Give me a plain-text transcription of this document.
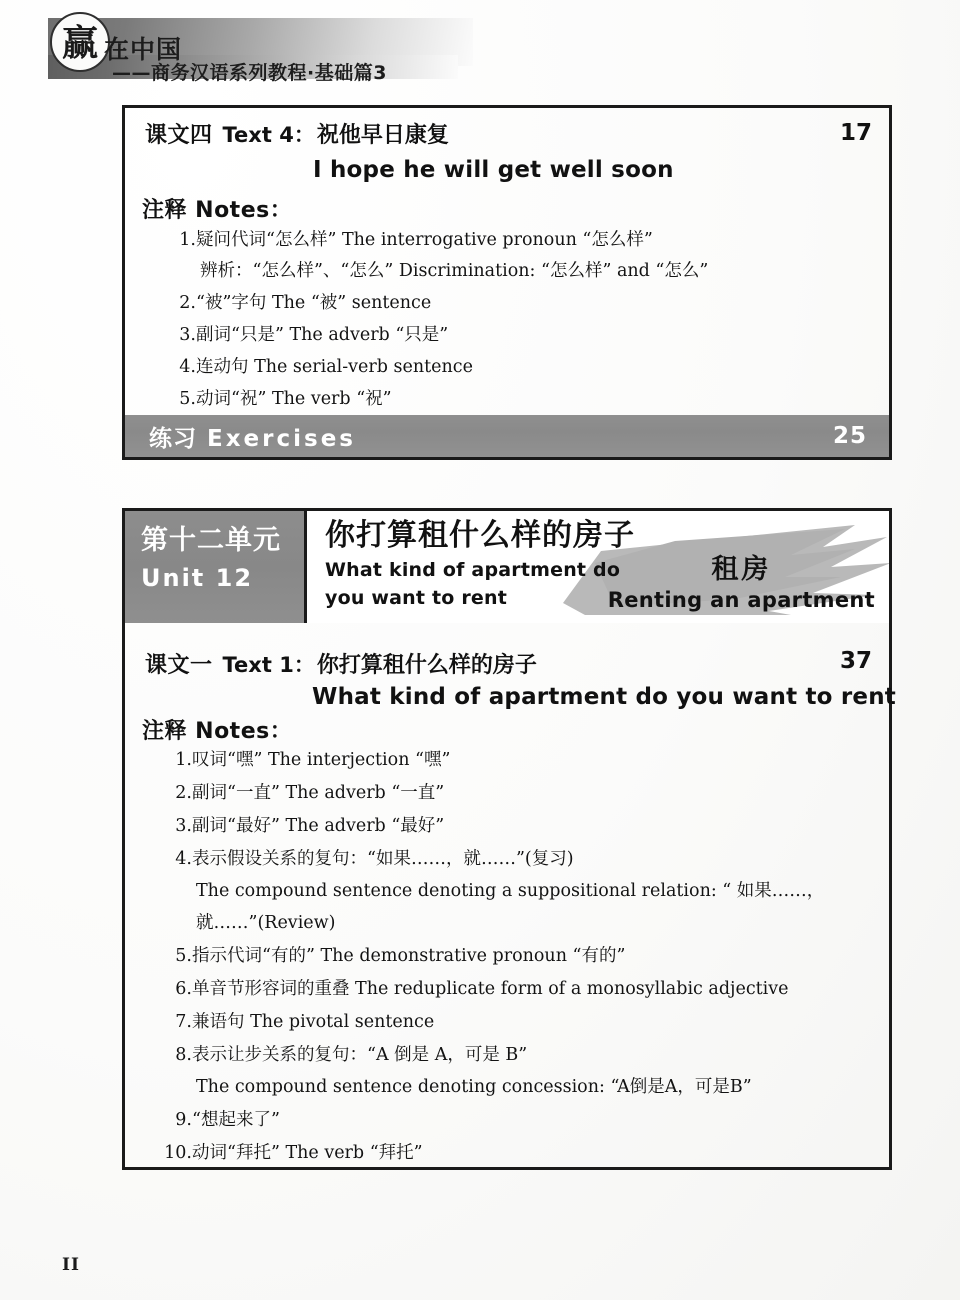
赢 在中国
——商务汉语系列教程·基础篇3
课文四 Text 4 ： 祝他早日康复	17
I hope he will get well soon
注释 Notes：
1. 疑问代词“怎么样” The interrogative pronoun “怎么样”
辨析：“怎么样”、“怎么” Discrimination: “怎么样” and “怎么”
2. “被”字句 The “被” sentence
3. 副词“只是” The adverb “只是”
4. 连动句 The serial-verb sentence
5. 动词“祝” The verb “祝”
练习 Exercises	25
第十二单元
Unit 12
你打算租什么样的房子
What kind of apartment do
you want to rent
租房
Renting an apartment
课文一 Text 1 ： 你打算租什么样的房子	37
What kind of apartment do you want to rent
注释 Notes：
1. 叹词“嘿” The interjection “嘿”
2. 副词“一直” The adverb “一直”
3. 副词“最好” The adverb “最好”
4. 表示假设关系的复句：“如果……，就……”(复习)
The compound sentence denoting a suppositional relation: “ 如果……，
就……”(Review)
5. 指示代词“有的” The demonstrative pronoun “有的”
6. 单音节形容词的重叠 The reduplicate form of a monosyllabic adjective
7. 兼语句 The pivotal sentence
8. 表示让步关系的复句：“A 倒是 A，可是 B”
The compound sentence denoting concession: “A倒是A，可是B”
9. “想起来了”
10. 动词“拜托” The verb “拜托”
II
